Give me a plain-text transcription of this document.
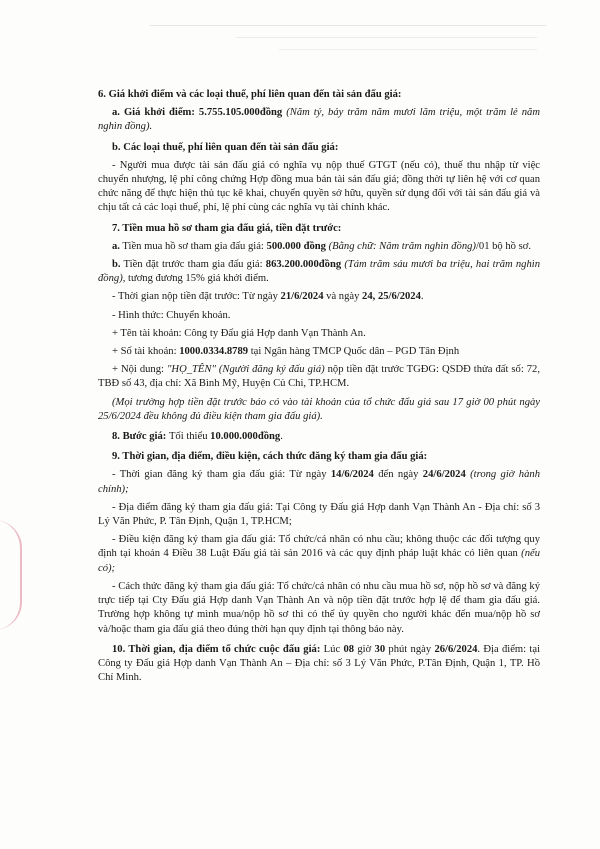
6. Giá khởi điểm và các loại thuế, phí liên quan đến tài sản đấu giá:

a. Giá khởi điểm: 5.755.105.000đồng (Năm tỷ, bảy trăm năm mươi lăm triệu, một trăm lẻ năm nghìn đồng).

b. Các loại thuế, phí liên quan đến tài sản đấu giá:

- Người mua được tài sản đấu giá có nghĩa vụ nộp thuế GTGT (nếu có), thuế thu nhập từ việc chuyển nhượng, lệ phí công chứng Hợp đồng mua bán tài sản đấu giá; đồng thời tự liên hệ với cơ quan chức năng để thực hiện thủ tục kê khai, chuyển quyền sở hữu, quyền sử dụng đối với tài sản đấu giá và chịu tất cả các loại thuế, phí, lệ phí cùng các nghĩa vụ tài chính khác.

7. Tiền mua hồ sơ tham gia đấu giá, tiền đặt trước:

a. Tiền mua hồ sơ tham gia đấu giá: 500.000 đồng (Bằng chữ: Năm trăm nghìn đồng)/01 bộ hồ sơ.

b. Tiền đặt trước tham gia đấu giá: 863.200.000đồng (Tám trăm sáu mươi ba triệu, hai trăm nghìn đồng), tương đương 15% giá khởi điểm.

- Thời gian nộp tiền đặt trước: Từ ngày 21/6/2024 và ngày 24, 25/6/2024.

- Hình thức: Chuyển khoản.

+ Tên tài khoản: Công ty Đấu giá Hợp danh Vạn Thành An.

+ Số tài khoản: 1000.0334.8789 tại Ngân hàng TMCP Quốc dân – PGD Tân Định

+ Nội dung: "HỌ_TÊN" (Người đăng ký đấu giá) nộp tiền đặt trước TGĐG: QSDĐ thửa đất số: 72, TBĐ số 43, địa chỉ: Xã Bình Mỹ, Huyện Củ Chi, TP.HCM.

(Mọi trường hợp tiền đặt trước báo có vào tài khoản của tổ chức đấu giá sau 17 giờ 00 phút ngày 25/6/2024 đều không đủ điều kiện tham gia đấu giá).

8. Bước giá: Tối thiểu 10.000.000đồng.

9. Thời gian, địa điểm, điều kiện, cách thức đăng ký tham gia đấu giá:

- Thời gian đăng ký tham gia đấu giá: Từ ngày 14/6/2024 đến ngày 24/6/2024 (trong giờ hành chính);

- Địa điểm đăng ký tham gia đấu giá: Tại Công ty Đấu giá Hợp danh Vạn Thành An - Địa chỉ: số 3 Lý Văn Phức, P. Tân Định, Quận 1, TP.HCM;

- Điều kiện đăng ký tham gia đấu giá: Tổ chức/cá nhân có nhu cầu; không thuộc các đối tượng quy định tại khoản 4 Điều 38 Luật Đấu giá tài sản 2016 và các quy định pháp luật khác có liên quan (nếu có);

- Cách thức đăng ký tham gia đấu giá: Tổ chức/cá nhân có nhu cầu mua hồ sơ, nộp hồ sơ và đăng ký trực tiếp tại Cty Đấu giá Hợp danh Vạn Thành An và nộp tiền đặt trước hợp lệ để tham gia đấu giá. Trường hợp không tự mình mua/nộp hồ sơ thì có thể ủy quyền cho người khác đến mua/nộp hồ sơ và/hoặc tham gia đấu giá theo đúng thời hạn quy định tại thông báo này.

10. Thời gian, địa điểm tổ chức cuộc đấu giá: Lúc 08 giờ 30 phút ngày 26/6/2024. Địa điểm: tại Công ty Đấu giá Hợp danh Vạn Thành An – Địa chỉ: số 3 Lý Văn Phức, P.Tân Định, Quận 1, TP. Hồ Chí Minh.
